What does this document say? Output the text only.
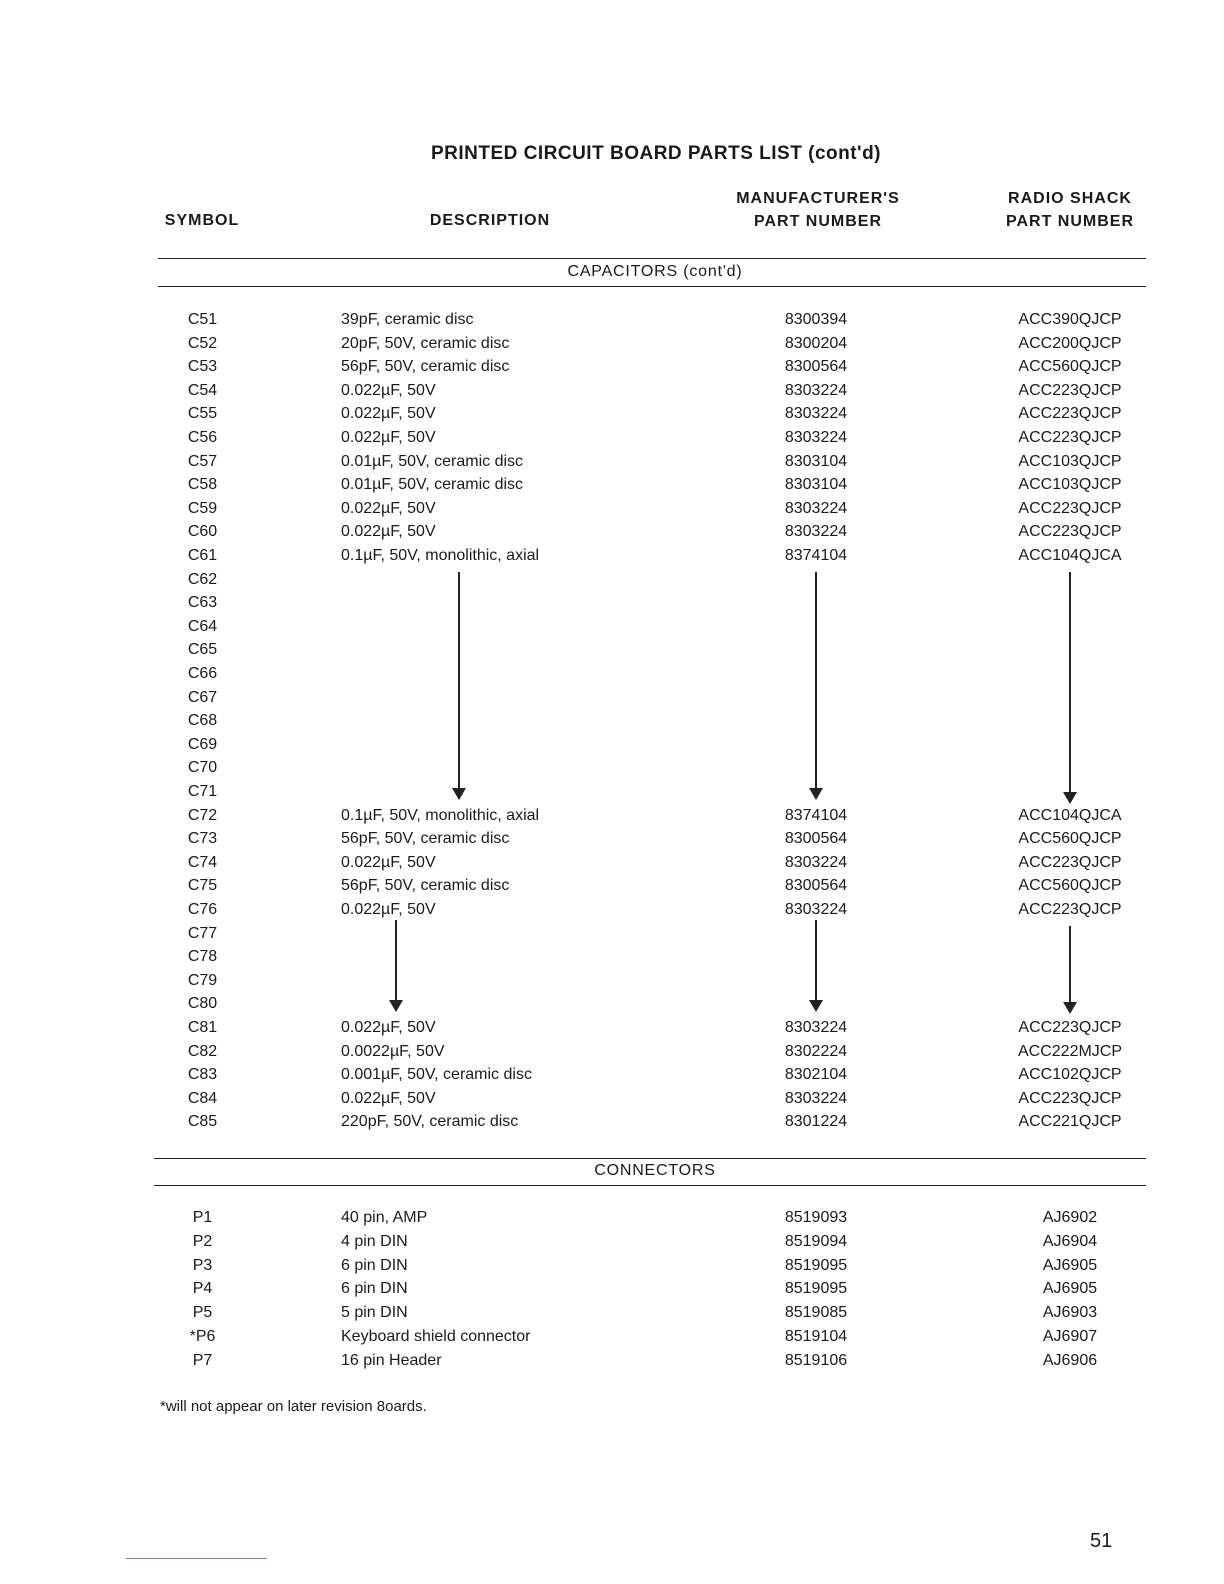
PRINTED CIRCUIT BOARD PARTS LIST (cont'd)
SYMBOL	DESCRIPTION
MANUFACTURER'S
PART NUMBER
RADIO SHACK
PART NUMBER
CAPACITORS (cont'd)
C51	39pF, ceramic disc	8300394	ACC390QJCP
C52	20pF, 50V, ceramic disc	8300204	ACC200QJCP
C53	56pF, 50V, ceramic disc	8300564	ACC560QJCP
C54	0.022µF, 50V	8303224	ACC223QJCP
C55	0.022µF, 50V	8303224	ACC223QJCP
C56	0.022µF, 50V	8303224	ACC223QJCP
C57	0.01µF, 50V, ceramic disc	8303104	ACC103QJCP
C58	0.01µF, 50V, ceramic disc	8303104	ACC103QJCP
C59	0.022µF, 50V	8303224	ACC223QJCP
C60	0.022µF, 50V	8303224	ACC223QJCP
C61	0.1µF, 50V, monolithic, axial	8374104	ACC104QJCA
C62
C63
C64
C65
C66
C67
C68
C69
C70
C71
C72	0.1µF, 50V, monolithic, axial	8374104	ACC104QJCA
C73	56pF, 50V, ceramic disc	8300564	ACC560QJCP
C74	0.022µF, 50V	8303224	ACC223QJCP
C75	56pF, 50V, ceramic disc	8300564	ACC560QJCP
C76	0.022µF, 50V	8303224	ACC223QJCP
C77
C78
C79
C80
C81	0.022µF, 50V	8303224	ACC223QJCP
C82	0.0022µF, 50V	8302224	ACC222MJCP
C83	0.001µF, 50V, ceramic disc	8302104	ACC102QJCP
C84	0.022µF, 50V	8303224	ACC223QJCP
C85	220pF, 50V, ceramic disc	8301224	ACC221QJCP
CONNECTORS
P1	40 pin, AMP	8519093	AJ6902
P2	4 pin DIN	8519094	AJ6904
P3	6 pin DIN	8519095	AJ6905
P4	6 pin DIN	8519095	AJ6905
P5	5 pin DIN	8519085	AJ6903
*P6	Keyboard shield connector	8519104	AJ6907
P7	16 pin Header	8519106	AJ6906
*will not appear on later revision 8oards.
51
